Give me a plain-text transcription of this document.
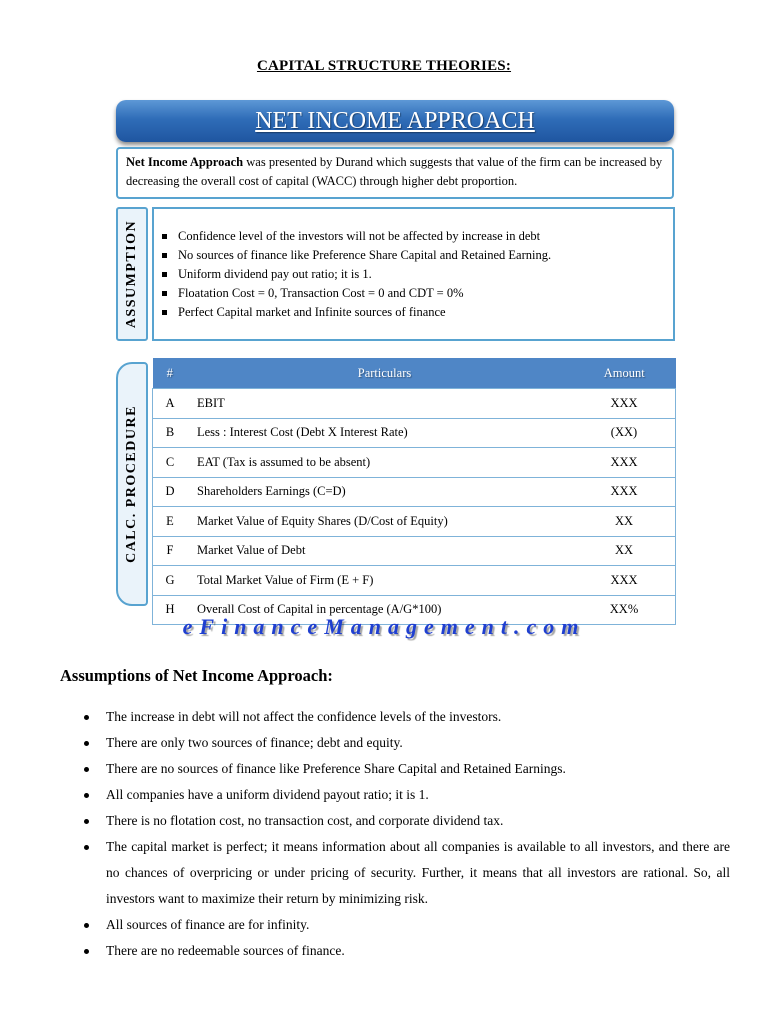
CAPITAL STRUCTURE THEORIES:
NET INCOME APPROACH
Net Income Approach was presented by Durand which suggests that value of the firm can be increased by decreasing the overall cost of capital (WACC) through higher debt proportion.
ASSUMPTION	Confidence level of the investors will not be affected by increase in debt
No sources of finance like Preference Share Capital and Retained Earning.
Uniform dividend pay out ratio; it is 1.
Floatation Cost = 0, Transaction Cost = 0 and CDT = 0%
Perfect Capital market and Infinite sources of finance
CALC. PROCEDURE
#	Particulars	Amount
A	EBIT	XXX
B	Less : Interest Cost (Debt X Interest Rate)	(XX)
C	EAT (Tax is assumed to be absent)	XXX
D	Shareholders Earnings (C=D)	XXX
E	Market Value of Equity Shares (D/Cost of Equity)	XX
F	Market Value of Debt	XX
G	Total Market Value of Firm (E + F)	XXX
H	Overall Cost of Capital in percentage (A/G*100)	XX%
eFinanceManagement.com
Assumptions of Net Income Approach:
The increase in debt will not affect the confidence levels of the investors.
There are only two sources of finance; debt and equity.
There are no sources of finance like Preference Share Capital and Retained Earnings.
All companies have a uniform dividend payout ratio; it is 1.
There is no flotation cost, no transaction cost, and corporate dividend tax.
The capital market is perfect; it means information about all companies is available to all investors, and there are no chances of overpricing or under pricing of security. Further, it means that all investors are rational. So, all investors want to maximize their return by minimizing risk.
All sources of finance are for infinity.
There are no redeemable sources of finance.
